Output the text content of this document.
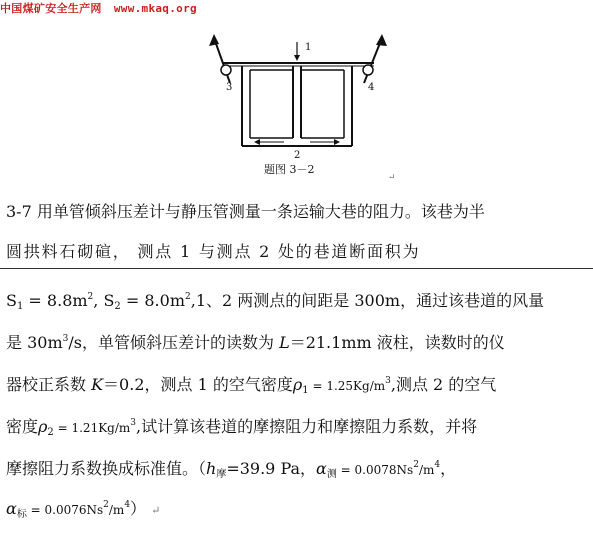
中国煤矿安全生产网 www.mkaq.org
1
2
3	4
题图 3－2
↵
3-7 用单管倾斜压差计与静压管测量一条运输大巷的阻力。该巷为半
圆拱料石砌碹， 测点 1 与测点 2 处的巷道断面积为
$S_1 = 8.8m^2$, $S_2 = 8.0m^2,1$、2 两测点的间距是 300m，通过该巷道的风量
是 $30m^3/s$，单管倾斜压差计的读数为 L＝21.1mm 液柱，读数时的仪
器校正系数 K＝0.2，测点 1 的空气密度$\rho_1 = 1.25Kg/m^3$,测点 2 的空气
密度$\rho_2 = 1.21Kg/m^3$,试计算该巷道的摩擦阻力和摩擦阻力系数，并将
摩擦阻力系数换成标准值。（$h_摩=39.9$ Pa，$\alpha_测 = 0.0078Ns^2/m^4$，
$\alpha_标 = 0.0076Ns^2/m^4$） ↵
